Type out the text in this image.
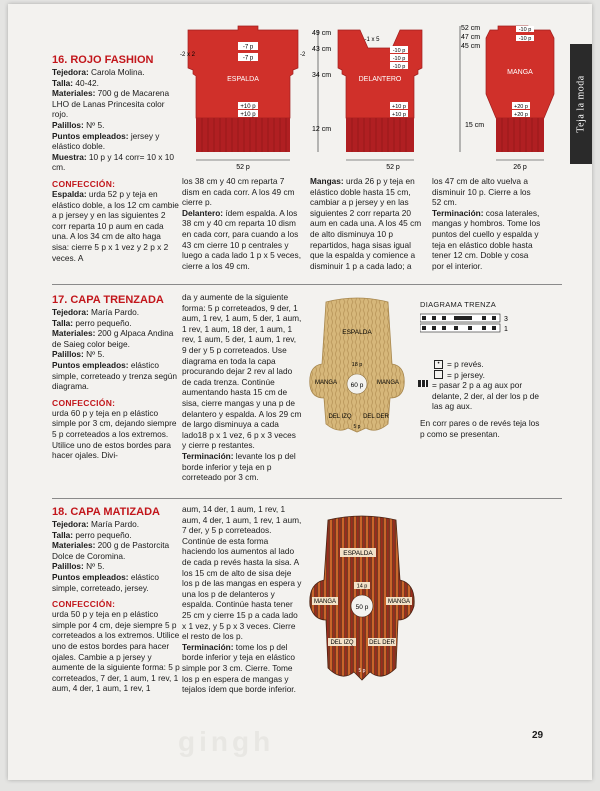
Teja la moda
16. ROJO FASHION
Tejedora: Carola Molina.
Talla: 40-42.
Materiales: 700 g de Macarena LHO de Lanas Princesita color rojo.
Palillos: Nº 5.
Puntos empleados: jersey y elástico doble.
Muestra: 10 p y 14 corr= 10 x 10 cm.
CONFECCIÓN:
Espalda: urda 52 p y teja en elástico doble, a los 12 cm cambie a p jersey y en las siguientes 2 corr reparta 10 p aum en cada una. A los 34 cm de alto haga sisa: cierre 5 p x 1 vez y 2 p x 2 veces. A
-7 p
-7 p
ESPALDA
+10 p
+10 p
-2 x 2	-2
52 p
49 cm
43 cm
34 cm
12 cm
-1 x 5
-10 p
-10 p
-10 p
DELANTERO
+10 p
+10 p
52 p
52 cm
47 cm
45 cm
15 cm
-10 p
-10 p
MANGA
+20 p
+20 p
26 p
los 38 cm y 40 cm reparta 7 dism en cada corr. A los 49 cm cierre p.
Delantero: ídem espalda. A los 38 cm y 40 cm reparta 10 dism en cada corr, para cuando a los 43 cm cierre 10 p centrales y luego a cada lado 1 p x 5 veces, cierre a los 49 cm.
Mangas: urda 26 p y teja en elástico doble hasta 15 cm, cambiar a p jersey y en las siguientes 2 corr reparta 20 aum en cada una. A los 45 cm de alto disminuya 10 p repartidos, haga sisas igual que la espalda y comience a disminuir 1 p a cada lado; a
los 47 cm de alto vuelva a disminuir 10 p. Cierre a los 52 cm.
Terminación: cosa laterales, mangas y hombros. Tome los puntos del cuello y espalda y teja en elástico doble hasta tener 12 cm. Doble y cosa por el interior.
17. CAPA TRENZADA
Tejedora: María Pardo.
Talla: perro pequeño.
Materiales: 200 g Alpaca Andina de Saieg color beige.
Palillos: Nº 5.
Puntos empleados: elástico simple, correteado y trenza según diagrama.
CONFECCIÓN:
urda 60 p y teja en p elástico simple por 3 cm, dejando siempre 5 p correteados a los extremos. Utilice uno de estos bordes para hacer ojales. Divi-
da y aumente de la siguiente forma: 5 p correteados, 9 der, 1 aum, 1 rev, 1 aum, 5 der, 1 aum, 1 rev, 1 aum, 18 der, 1 aum, 1 rev, 1 aum, 5 der, 1 aum, 1 rev, 9 der y 5 p correteados. Use diagrama en toda la capa procurando dejar 2 rev al lado de cada trenza. Continúe aumentando hasta 15 cm de sisa, cierre mangas y una p de delantero y espalda. A los 29 cm de largo disminuya a cada lado18 p x 1 vez, 6 p x 3 veces y cierre p restantes.
Terminación: levante los p del borde inferior y teja en p correteado por 3 cm.
60 p
ESPALDA
18 p
MANGA	MANGA
DEL IZQ DEL DER
5 p
DIAGRAMA TRENZA
3
1
• = p revés.
= p jersey.
= pasar 2 p a ag aux por delante, 2 der, al der los p de las ag aux.
En corr pares o de revés teja los p como se presentan.
18. CAPA MATIZADA
Tejedora: María Pardo.
Talla: perro pequeño.
Materiales: 200 g de Pastorcita Dolce de Coromina.
Palillos: Nº 5.
Puntos empleados: elástico simple, correteado, jersey.
CONFECCIÓN:
urda 50 p y teja en p elástico simple por 4 cm, deje siempre 5 p correteados a los extremos. Utilice uno de estos bordes para hacer ojales. Cambie a p jersey y aumente de la siguiente forma: 5 p correteados, 7 der, 1 aum, 1 rev, 1 aum, 4 der, 1 aum, 1 rev, 1
aum, 14 der, 1 aum, 1 rev, 1 aum, 4 der, 1 aum, 1 rev, 1 aum, 7 der, y 5 p correteados. Continúe de esta forma haciendo los aumentos al lado de cada p revés hasta la sisa. A los 15 cm de alto de sisa deje los p de las mangas en espera y una los p de delanteros y espalda. Continúe hasta tener 25 cm y cierre 15 p a cada lado x 1 vez, y 5 p x 3 veces. Cierre el resto de los p.
Terminación: tome los p del borde inferior y teja en elástico simple por 3 cm. Cierre. Tome los p en espera de mangas y tejalos ídem que borde inferior.
50 p
ESPALDA
14 p
MANGA	MANGA
DEL IZQ	DEL DER
5 p
gingh	29
